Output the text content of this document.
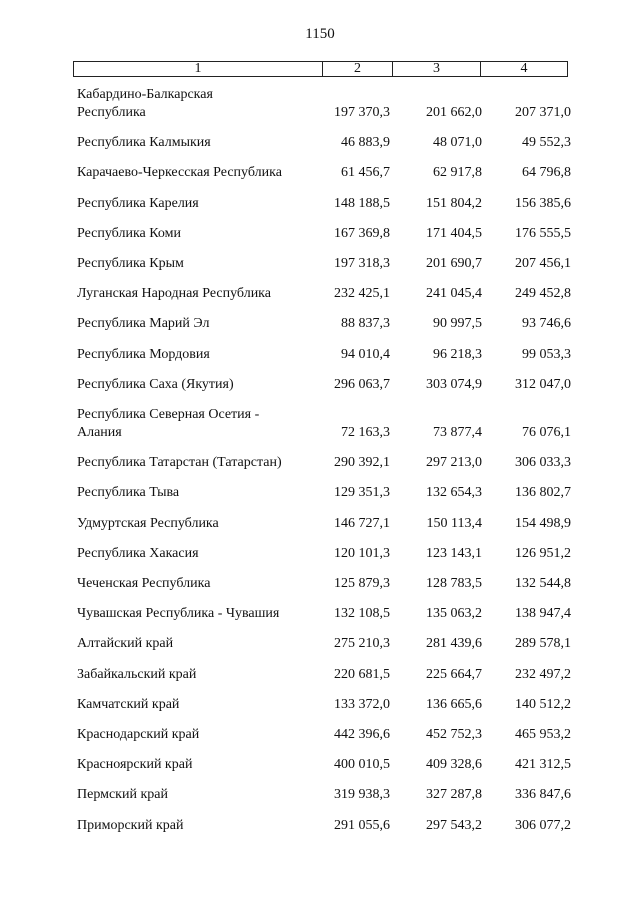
1150
1	2	3	4
Кабардино-Балкарская
Республика	197 370,3	201 662,0	207 371,0
Республика Калмыкия	46 883,9	48 071,0	49 552,3
Карачаево-Черкесская Республика	61 456,7	62 917,8	64 796,8
Республика Карелия	148 188,5	151 804,2	156 385,6
Республика Коми	167 369,8	171 404,5	176 555,5
Республика Крым	197 318,3	201 690,7	207 456,1
Луганская Народная Республика	232 425,1	241 045,4	249 452,8
Республика Марий Эл	88 837,3	90 997,5	93 746,6
Республика Мордовия	94 010,4	96 218,3	99 053,3
Республика Саха (Якутия)	296 063,7	303 074,9	312 047,0
Республика Северная Осетия -
Алания	72 163,3	73 877,4	76 076,1
Республика Татарстан (Татарстан)	290 392,1	297 213,0	306 033,3
Республика Тыва	129 351,3	132 654,3	136 802,7
Удмуртская Республика	146 727,1	150 113,4	154 498,9
Республика Хакасия	120 101,3	123 143,1	126 951,2
Чеченская Республика	125 879,3	128 783,5	132 544,8
Чувашская Республика - Чувашия	132 108,5	135 063,2	138 947,4
Алтайский край	275 210,3	281 439,6	289 578,1
Забайкальский край	220 681,5	225 664,7	232 497,2
Камчатский край	133 372,0	136 665,6	140 512,2
Краснодарский край	442 396,6	452 752,3	465 953,2
Красноярский край	400 010,5	409 328,6	421 312,5
Пермский край	319 938,3	327 287,8	336 847,6
Приморский край	291 055,6	297 543,2	306 077,2
